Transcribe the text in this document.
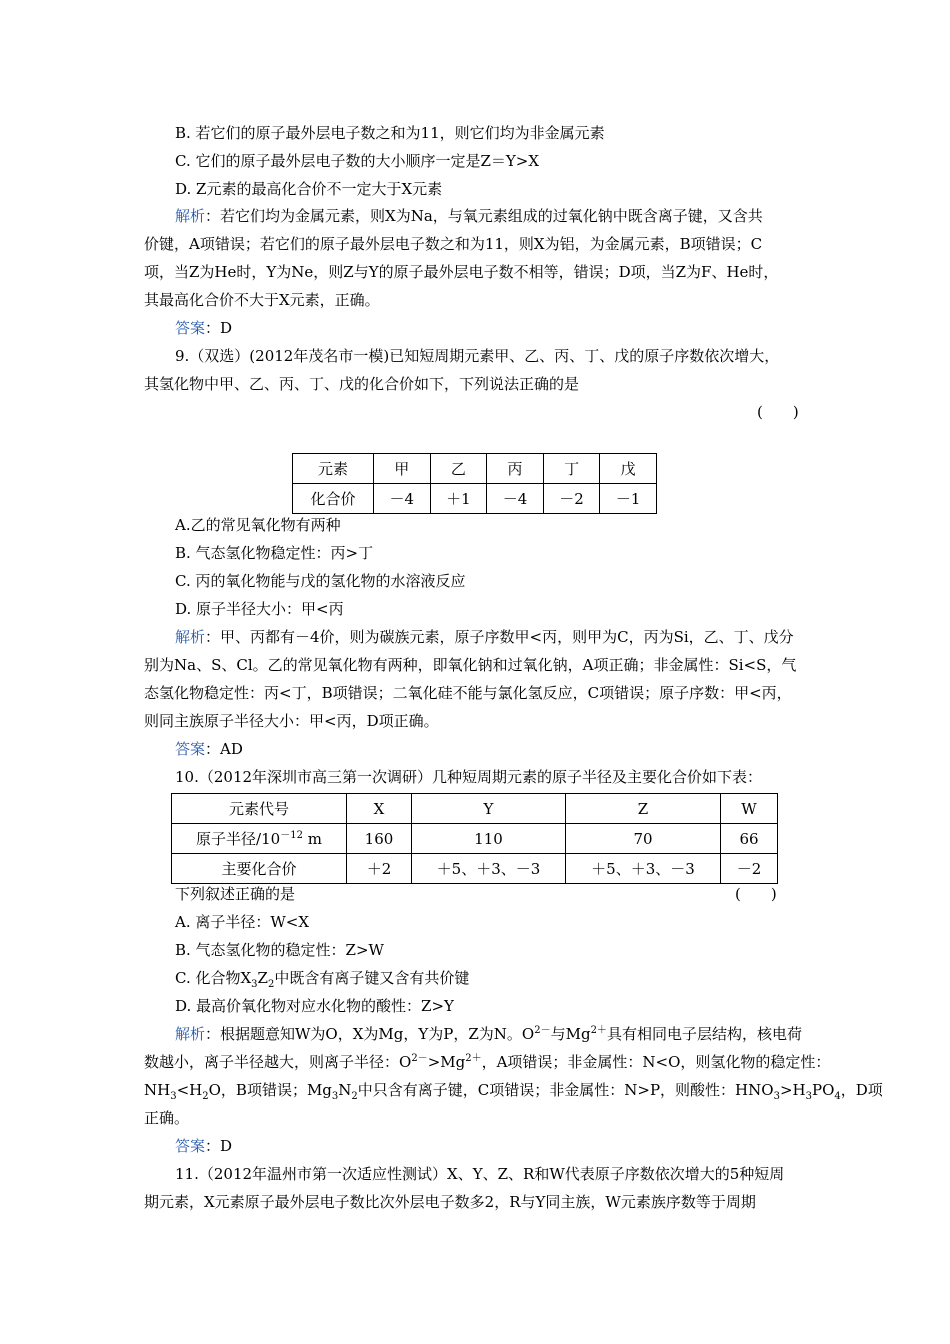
B. 若它们的原子最外层电子数之和为11，则它们均为非金属元素
C. 它们的原子最外层电子数的大小顺序一定是Z＝Y>X
D. Z元素的最高化合价不一定大于X元素
解析：若它们均为金属元素，则X为Na，与氧元素组成的过氧化钠中既含离子键，又含共
价键，A项错误；若它们的原子最外层电子数之和为11，则X为铝，为金属元素，B项错误；C
项，当Z为He时，Y为Ne，则Z与Y的原子最外层电子数不相等，错误；D项，当Z为F、He时，
其最高化合价不大于X元素，正确。
答案：D
9.（双选）(2012年茂名市一模)已知短周期元素甲、乙、丙、丁、戊的原子序数依次增大，
其氢化物中甲、乙、丙、丁、戊的化合价如下，下列说法正确的是
(　　)
元素	甲	乙	丙	丁	戊
化合价	－4	＋1	－4	－2	－1
A.乙的常见氧化物有两种
B. 气态氢化物稳定性：丙>丁
C. 丙的氧化物能与戊的氢化物的水溶液反应
D. 原子半径大小：甲<丙
解析：甲、丙都有－4价，则为碳族元素，原子序数甲<丙，则甲为C，丙为Si，乙、丁、戊分
别为Na、S、Cl。乙的常见氧化物有两种，即氧化钠和过氧化钠，A项正确；非金属性：Si<S，气
态氢化物稳定性：丙<丁，B项错误；二氧化硅不能与氯化氢反应，C项错误；原子序数：甲<丙，
则同主族原子半径大小：甲<丙，D项正确。
答案：AD
10.（2012年深圳市高三第一次调研）几种短周期元素的原子半径及主要化合价如下表：
元素代号	X	Y	Z	W
原子半径$/10^{-12}$ m	160	110	70	66
主要化合价	＋2	＋5、＋3、－3	＋5、＋3、－3	－2
下列叙述正确的是	(　　)
A. 离子半径：W<X
B. 气态氢化物的稳定性：Z>W
C. 化合物$X_3Z_2$中既含有离子键又含有共价键
D. 最高价氧化物对应水化物的酸性：Z>Y
解析：根据题意知W为O，X为Mg，Y为P，Z为N。$O^{2-}$与$Mg^{2+}$具有相同电子层结构，核电荷
数越小，离子半径越大，则离子半径：$O^{2-}>Mg^{2+}$，A项错误；非金属性：N<O，则氢化物的稳定性：
$NH_3<H_2O$，B项错误；$Mg_3N_2$中只含有离子键，C项错误；非金属性：N>P，则酸性：$HNO_3>H_3PO_4$，D项
正确。
答案：D
11.（2012年温州市第一次适应性测试）X、Y、Z、R和W代表原子序数依次增大的5种短周
期元素，X元素原子最外层电子数比次外层电子数多2，R与Y同主族，W元素族序数等于周期
